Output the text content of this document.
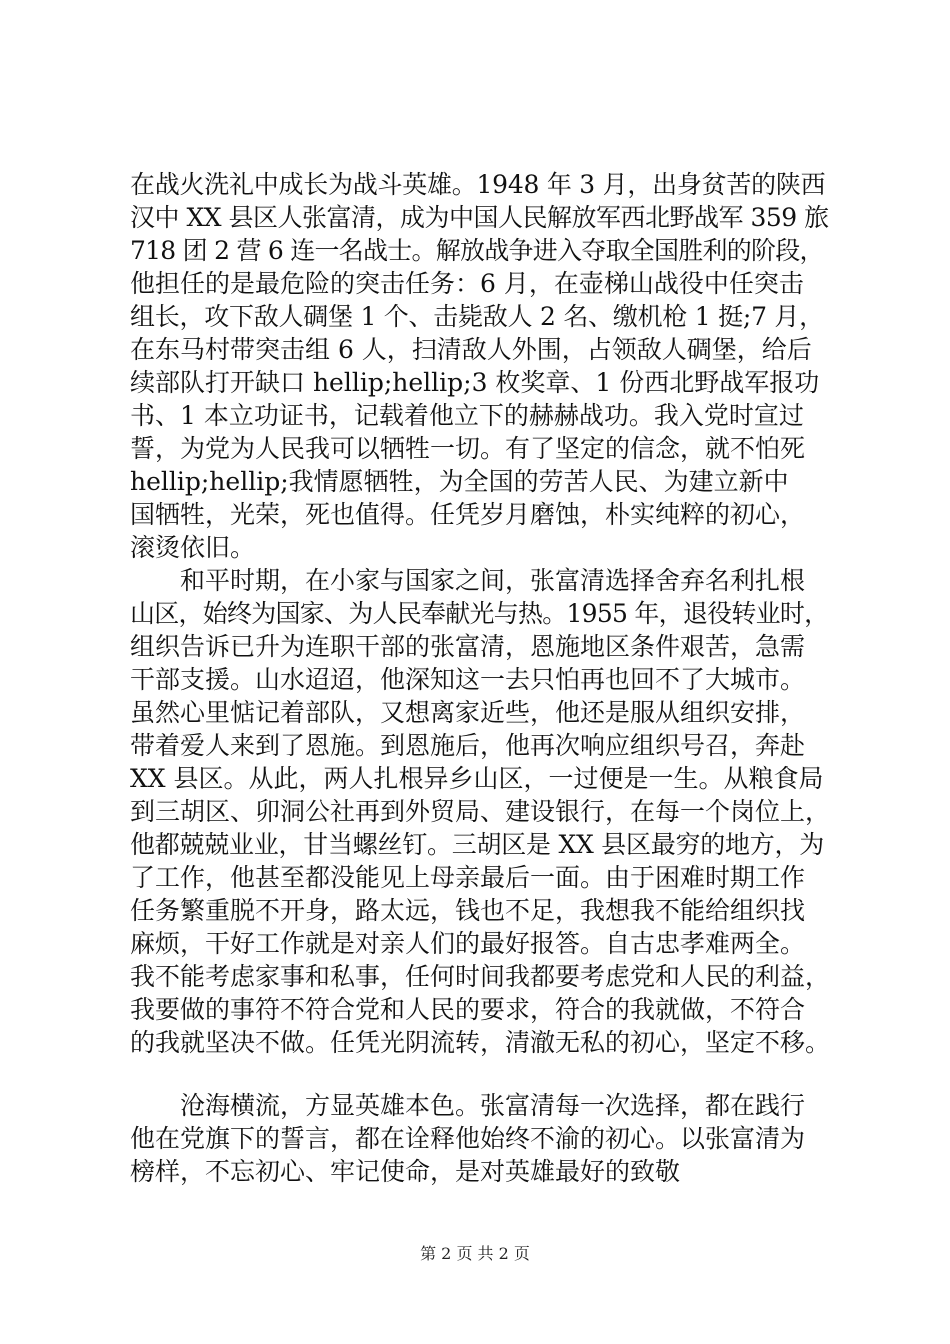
在战火洗礼中成长为战斗英雄。1948 年 3 月，出身贫苦的陕西
汉中 XX 县区人张富清，成为中国人民解放军西北野战军 359 旅
718 团 2 营 6 连一名战士。解放战争进入夺取全国胜利的阶段，
他担任的是最危险的突击任务：6 月，在壶梯山战役中任突击
组长，攻下敌人碉堡 1 个、击毙敌人 2 名、缴机枪 1 挺;7 月，
在东马村带突击组 6 人，扫清敌人外围，占领敌人碉堡，给后
续部队打开缺口 hellip;hellip;3 枚奖章、1 份西北野战军报功
书、1 本立功证书，记载着他立下的赫赫战功。我入党时宣过
誓，为党为人民我可以牺牲一切。有了坚定的信念，就不怕死
hellip;hellip;我情愿牺牲，为全国的劳苦人民、为建立新中
国牺牲，光荣，死也值得。任凭岁月磨蚀，朴实纯粹的初心，
滚烫依旧。
和平时期，在小家与国家之间，张富清选择舍弃名利扎根
山区，始终为国家、为人民奉献光与热。1955 年，退役转业时，
组织告诉已升为连职干部的张富清，恩施地区条件艰苦，急需
干部支援。山水迢迢，他深知这一去只怕再也回不了大城市。
虽然心里惦记着部队，又想离家近些，他还是服从组织安排，
带着爱人来到了恩施。到恩施后，他再次响应组织号召，奔赴
XX 县区。从此，两人扎根异乡山区，一过便是一生。从粮食局
到三胡区、卯洞公社再到外贸局、建设银行，在每一个岗位上，
他都兢兢业业，甘当螺丝钉。三胡区是 XX 县区最穷的地方，为
了工作，他甚至都没能见上母亲最后一面。由于困难时期工作
任务繁重脱不开身，路太远，钱也不足，我想我不能给组织找
麻烦，干好工作就是对亲人们的最好报答。自古忠孝难两全。
我不能考虑家事和私事，任何时间我都要考虑党和人民的利益，
我要做的事符不符合党和人民的要求，符合的我就做，不符合
的我就坚决不做。任凭光阴流转，清澈无私的初心，坚定不移。
沧海横流，方显英雄本色。张富清每一次选择，都在践行
他在党旗下的誓言，都在诠释他始终不渝的初心。以张富清为
榜样，不忘初心、牢记使命，是对英雄最好的致敬
第 2 页 共 2 页
